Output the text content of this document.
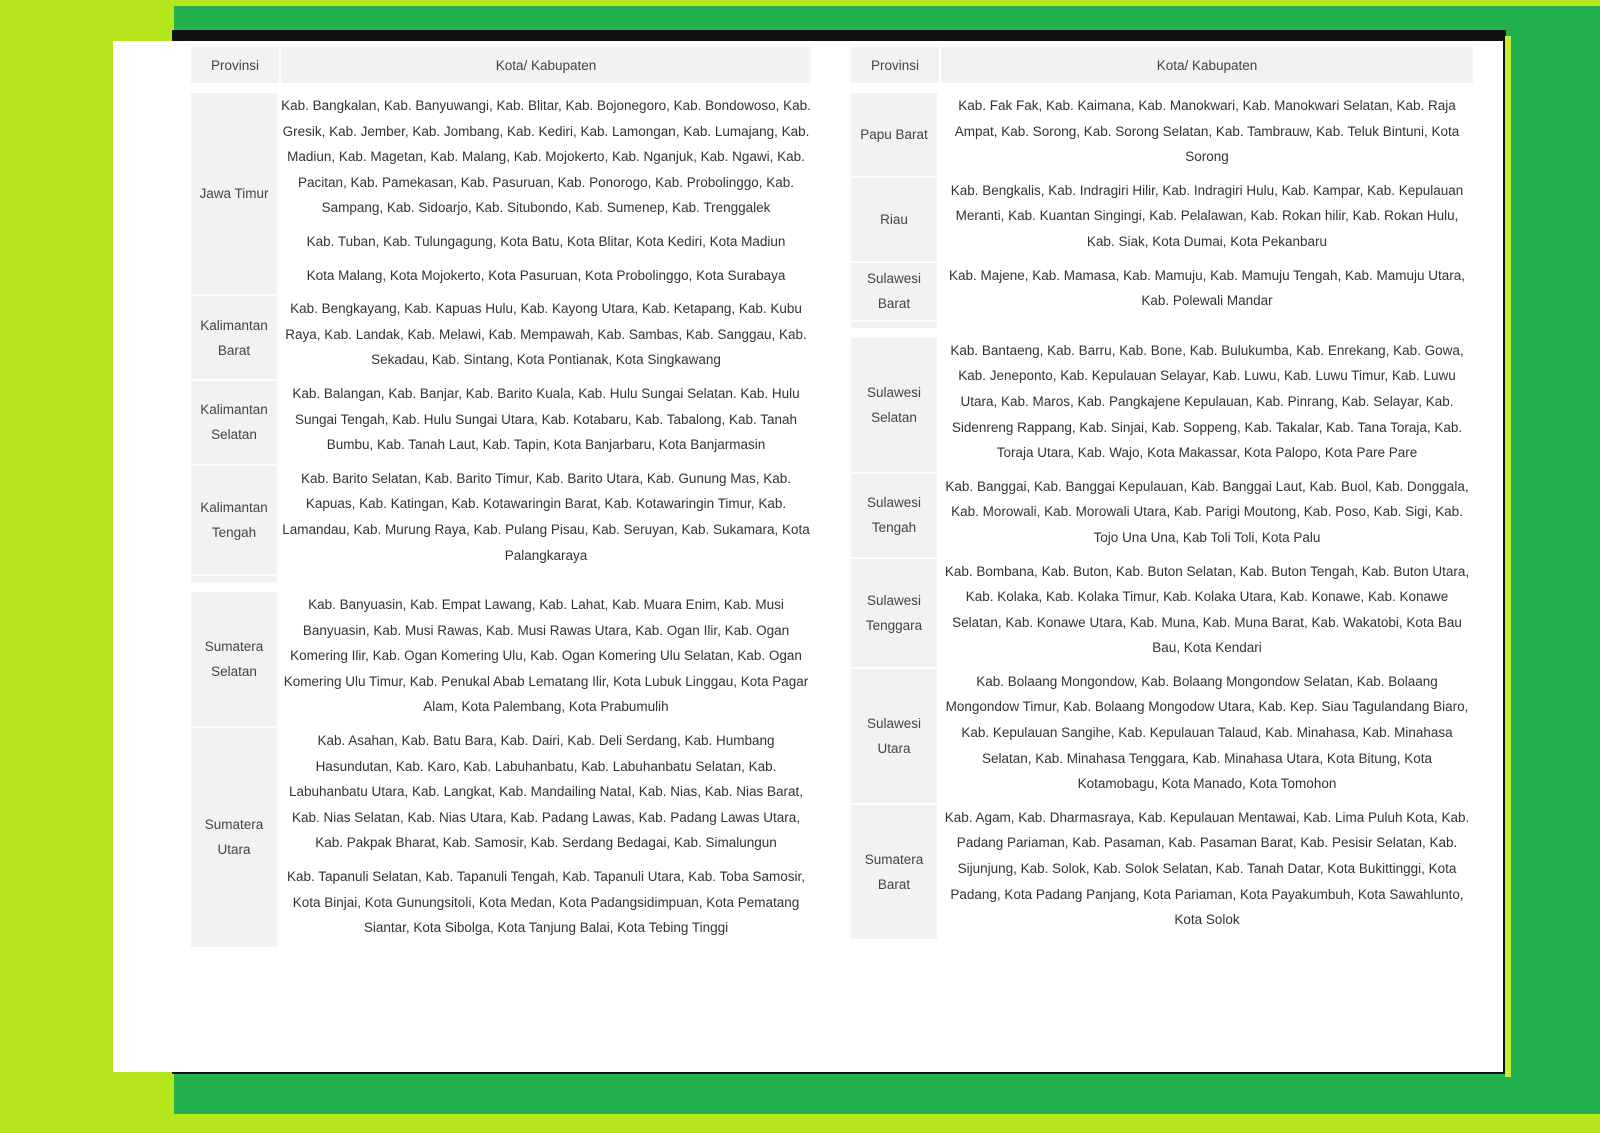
Provinsi	Kota/ Kabupaten
Jawa Timur

Kab. Bangkalan, Kab. Banyuwangi, Kab. Blitar, Kab. Bojonegoro, Kab. Bondowoso, Kab. Gresik, Kab. Jember, Kab. Jombang, Kab. Kediri, Kab. Lamongan, Kab. Lumajang, Kab. Madiun, Kab. Magetan, Kab. Malang, Kab. Mojokerto, Kab. Nganjuk, Kab. Ngawi, Kab. Pacitan, Kab. Pamekasan, Kab. Pasuruan, Kab. Ponorogo, Kab. Probolinggo, Kab. Sampang, Kab. Sidoarjo, Kab. Situbondo, Kab. Sumenep, Kab. Trenggalek

Kab. Tuban, Kab. Tulungagung, Kota Batu, Kota Blitar, Kota Kediri, Kota Madiun

Kota Malang, Kota Mojokerto, Kota Pasuruan, Kota Probolinggo, Kota Surabaya

Kalimantan Barat

Kab. Bengkayang, Kab. Kapuas Hulu, Kab. Kayong Utara, Kab. Ketapang, Kab. Kubu Raya, Kab. Landak, Kab. Melawi, Kab. Mempawah, Kab. Sambas, Kab. Sanggau, Kab. Sekadau, Kab. Sintang, Kota Pontianak, Kota Singkawang

Kalimantan Selatan

Kab. Balangan, Kab. Banjar, Kab. Barito Kuala, Kab. Hulu Sungai Selatan. Kab. Hulu Sungai Tengah, Kab. Hulu Sungai Utara, Kab. Kotabaru, Kab. Tabalong, Kab. Tanah Bumbu, Kab. Tanah Laut, Kab. Tapin, Kota Banjarbaru, Kota Banjarmasin

Kalimantan Tengah

Kab. Barito Selatan, Kab. Barito Timur, Kab. Barito Utara, Kab. Gunung Mas, Kab. Kapuas, Kab. Katingan, Kab. Kotawaringin Barat, Kab. Kotawaringin Timur, Kab. Lamandau, Kab. Murung Raya, Kab. Pulang Pisau, Kab. Seruyan, Kab. Sukamara, Kota Palangkaraya

Sumatera Selatan

Kab. Banyuasin, Kab. Empat Lawang, Kab. Lahat, Kab. Muara Enim, Kab. Musi Banyuasin, Kab. Musi Rawas, Kab. Musi Rawas Utara, Kab. Ogan Ilir, Kab. Ogan Komering Ilir, Kab. Ogan Komering Ulu, Kab. Ogan Komering Ulu Selatan, Kab. Ogan Komering Ulu Timur, Kab. Penukal Abab Lematang Ilir, Kota Lubuk Linggau, Kota Pagar Alam, Kota Palembang, Kota Prabumulih

Sumatera Utara

Kab. Asahan, Kab. Batu Bara, Kab. Dairi, Kab. Deli Serdang, Kab. Humbang Hasundutan, Kab. Karo, Kab. Labuhanbatu, Kab. Labuhanbatu Selatan, Kab. Labuhanbatu Utara, Kab. Langkat, Kab. Mandailing Natal, Kab. Nias, Kab. Nias Barat, Kab. Nias Selatan, Kab. Nias Utara, Kab. Padang Lawas, Kab. Padang Lawas Utara, Kab. Pakpak Bharat, Kab. Samosir, Kab. Serdang Bedagai, Kab. Simalungun

Kab. Tapanuli Selatan, Kab. Tapanuli Tengah, Kab. Tapanuli Utara, Kab. Toba Samosir, Kota Binjai, Kota Gunungsitoli, Kota Medan, Kota Padangsidimpuan, Kota Pematang Siantar, Kota Sibolga, Kota Tanjung Balai, Kota Tebing Tinggi

Provinsi	Kota/ Kabupaten
Papu Barat

Kab. Fak Fak, Kab. Kaimana, Kab. Manokwari, Kab. Manokwari Selatan, Kab. Raja Ampat, Kab. Sorong, Kab. Sorong Selatan, Kab. Tambrauw, Kab. Teluk Bintuni, Kota Sorong

Riau

Kab. Bengkalis, Kab. Indragiri Hilir, Kab. Indragiri Hulu, Kab. Kampar, Kab. Kepulauan Meranti, Kab. Kuantan Singingi, Kab. Pelalawan, Kab. Rokan hilir, Kab. Rokan Hulu, Kab. Siak, Kota Dumai, Kota Pekanbaru

Sulawesi Barat

Kab. Majene, Kab. Mamasa, Kab. Mamuju, Kab. Mamuju Tengah, Kab. Mamuju Utara, Kab. Polewali Mandar

Sulawesi Selatan

Kab. Bantaeng, Kab. Barru, Kab. Bone, Kab. Bulukumba, Kab. Enrekang, Kab. Gowa, Kab. Jeneponto, Kab. Kepulauan Selayar, Kab. Luwu, Kab. Luwu Timur, Kab. Luwu Utara, Kab. Maros, Kab. Pangkajene Kepulauan, Kab. Pinrang, Kab. Selayar, Kab. Sidenreng Rappang, Kab. Sinjai, Kab. Soppeng, Kab. Takalar, Kab. Tana Toraja, Kab. Toraja Utara, Kab. Wajo, Kota Makassar, Kota Palopo, Kota Pare Pare

Sulawesi Tengah

Kab. Banggai, Kab. Banggai Kepulauan, Kab. Banggai Laut, Kab. Buol, Kab. Donggala, Kab. Morowali, Kab. Morowali Utara, Kab. Parigi Moutong, Kab. Poso, Kab. Sigi, Kab. Tojo Una Una, Kab Toli Toli, Kota Palu

Sulawesi Tenggara

Kab. Bombana, Kab. Buton, Kab. Buton Selatan, Kab. Buton Tengah, Kab. Buton Utara, Kab. Kolaka, Kab. Kolaka Timur, Kab. Kolaka Utara, Kab. Konawe, Kab. Konawe Selatan, Kab. Konawe Utara, Kab. Muna, Kab. Muna Barat, Kab. Wakatobi, Kota Bau Bau, Kota Kendari

Sulawesi Utara

Kab. Bolaang Mongondow, Kab. Bolaang Mongondow Selatan, Kab. Bolaang Mongondow Timur, Kab. Bolaang Mongodow Utara, Kab. Kep. Siau Tagulandang Biaro, Kab. Kepulauan Sangihe, Kab. Kepulauan Talaud, Kab. Minahasa, Kab. Minahasa Selatan, Kab. Minahasa Tenggara, Kab. Minahasa Utara, Kota Bitung, Kota Kotamobagu, Kota Manado, Kota Tomohon

Sumatera Barat

Kab. Agam, Kab. Dharmasraya, Kab. Kepulauan Mentawai, Kab. Lima Puluh Kota, Kab. Padang Pariaman, Kab. Pasaman, Kab. Pasaman Barat, Kab. Pesisir Selatan, Kab. Sijunjung, Kab. Solok, Kab. Solok Selatan, Kab. Tanah Datar, Kota Bukittinggi, Kota Padang, Kota Padang Panjang, Kota Pariaman, Kota Payakumbuh, Kota Sawahlunto, Kota Solok
